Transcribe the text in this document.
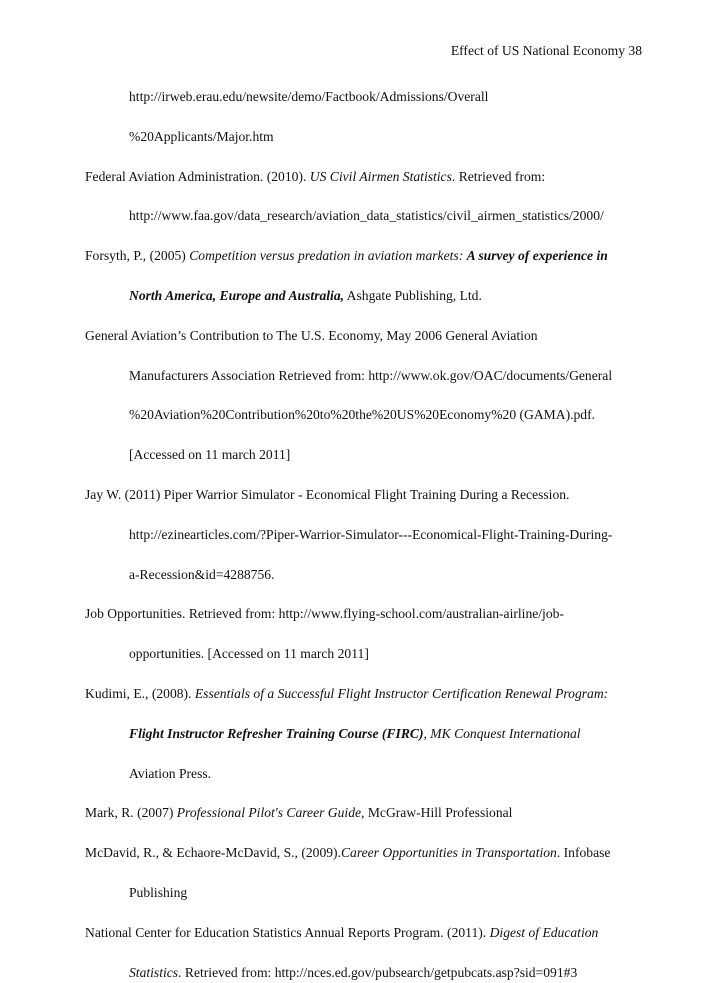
Effect of US National Economy 38
http://irweb.erau.edu/newsite/demo/Factbook/Admissions/Overall
%20Applicants/Major.htm
Federal Aviation Administration. (2010). US Civil Airmen Statistics. Retrieved from:
http://www.faa.gov/data_research/aviation_data_statistics/civil_airmen_statistics/2000/
Forsyth, P., (2005) Competition versus predation in aviation markets: A survey of experience in
North America, Europe and Australia, Ashgate Publishing, Ltd.
General Aviation’s Contribution to The U.S. Economy, May 2006 General Aviation
Manufacturers Association Retrieved from: http://www.ok.gov/OAC/documents/General
%20Aviation%20Contribution%20to%20the%20US%20Economy%20 (GAMA).pdf.
[Accessed on 11 march 2011]
Jay W. (2011) Piper Warrior Simulator - Economical Flight Training During a Recession.
http://ezinearticles.com/?Piper-Warrior-Simulator---Economical-Flight-Training-During-
a-Recession&id=4288756.
Job Opportunities. Retrieved from: http://www.flying-school.com/australian-airline/job-
opportunities. [Accessed on 11 march 2011]
Kudimi, E., (2008). Essentials of a Successful Flight Instructor Certification Renewal Program:
Flight Instructor Refresher Training Course (FIRC), MK Conquest International
Aviation Press.
Mark, R. (2007) Professional Pilot's Career Guide, McGraw-Hill Professional
McDavid, R., & Echaore-McDavid, S., (2009).Career Opportunities in Transportation. Infobase
Publishing
National Center for Education Statistics Annual Reports Program. (2011). Digest of Education
Statistics. Retrieved from: http://nces.ed.gov/pubsearch/getpubcats.asp?sid=091#3
